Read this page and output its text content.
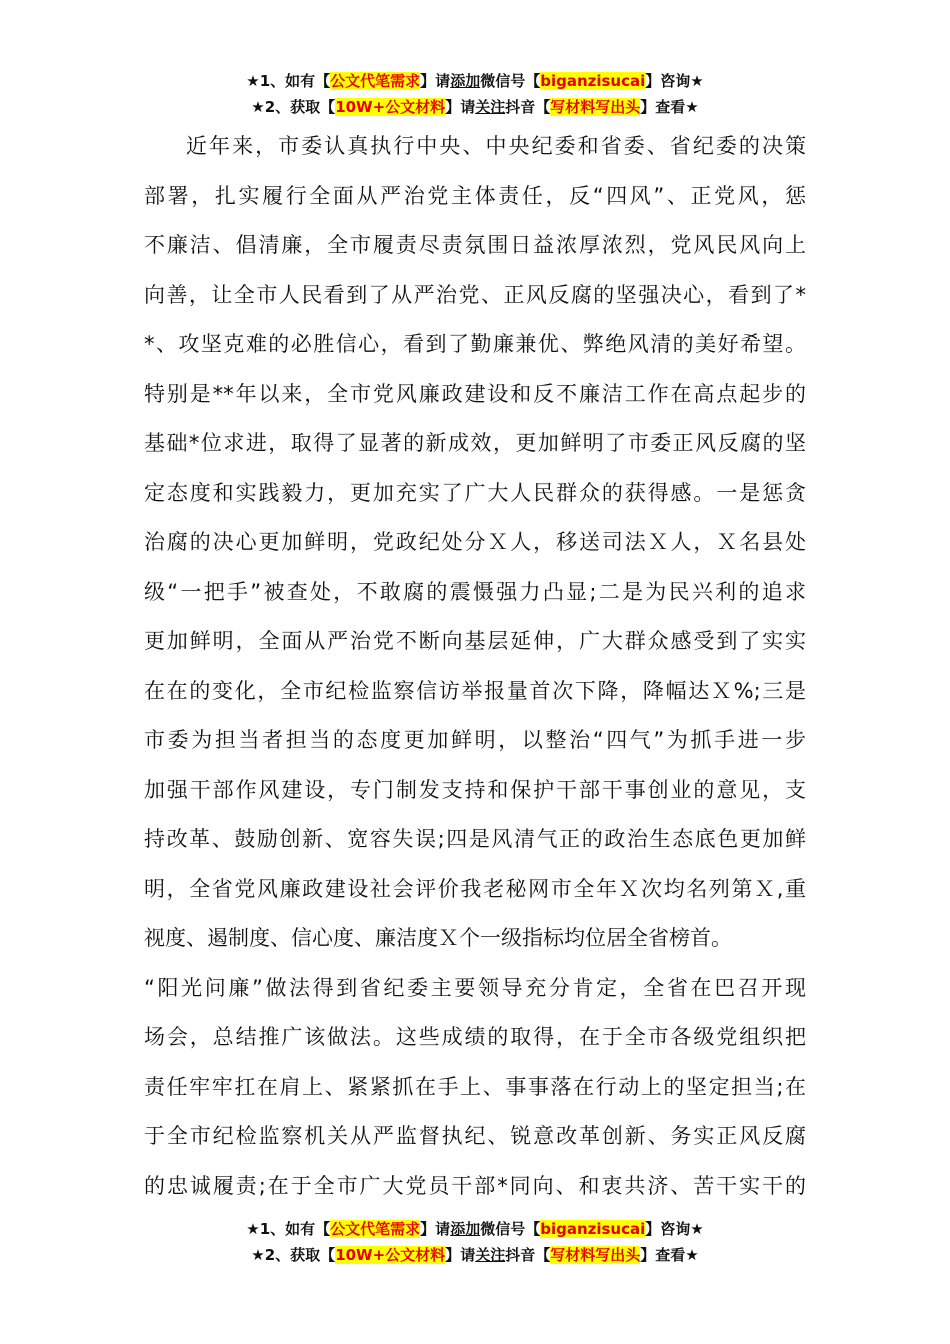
★1、如有【公文代笔需求】请添加微信号【biganzisucai】咨询★
★2、获取【10W+公文材料】请关注抖音【写材料写出头】查看★

近年来，市委认真执行中央、中央纪委和省委、省纪委的决策

部署，扎实履行全面从严治党主体责任，反“四风”、正党风，惩

不廉洁、倡清廉，全市履责尽责氛围日益浓厚浓烈，党风民风向上

向善，让全市人民看到了从严治党、正风反腐的坚强决心，看到了*

*、攻坚克难的必胜信心，看到了勤廉兼优、弊绝风清的美好希望。

特别是**年以来，全市党风廉政建设和反不廉洁工作在高点起步的

基础*位求进，取得了显著的新成效，更加鲜明了市委正风反腐的坚

定态度和实践毅力，更加充实了广大人民群众的获得感。一是惩贪

治腐的决心更加鲜明，党政纪处分Ｘ人，移送司法Ｘ人，Ｘ名县处

级“一把手”被查处，不敢腐的震慑强力凸显;二是为民兴利的追求

更加鲜明，全面从严治党不断向基层延伸，广大群众感受到了实实

在在的变化，全市纪检监察信访举报量首次下降，降幅达Ｘ%;三是

市委为担当者担当的态度更加鲜明，以整治“四气”为抓手进一步

加强干部作风建设，专门制发支持和保护干部干事创业的意见，支

持改革、鼓励创新、宽容失误;四是风清气正的政治生态底色更加鲜

明，全省党风廉政建设社会评价我老秘网市全年Ｘ次均名列第Ｘ,重

视度、遏制度、信心度、廉洁度Ｘ个一级指标均位居全省榜首。

“阳光问廉”做法得到省纪委主要领导充分肯定，全省在巴召开现

场会，总结推广该做法。这些成绩的取得，在于全市各级党组织把

责任牢牢扛在肩上、紧紧抓在手上、事事落在行动上的坚定担当;在

于全市纪检监察机关从严监督执纪、锐意改革创新、务实正风反腐

的忠诚履责;在于全市广大党员干部*同向、和衷共济、苦干实干的

★1、如有【公文代笔需求】请添加微信号【biganzisucai】咨询★
★2、获取【10W+公文材料】请关注抖音【写材料写出头】查看★
